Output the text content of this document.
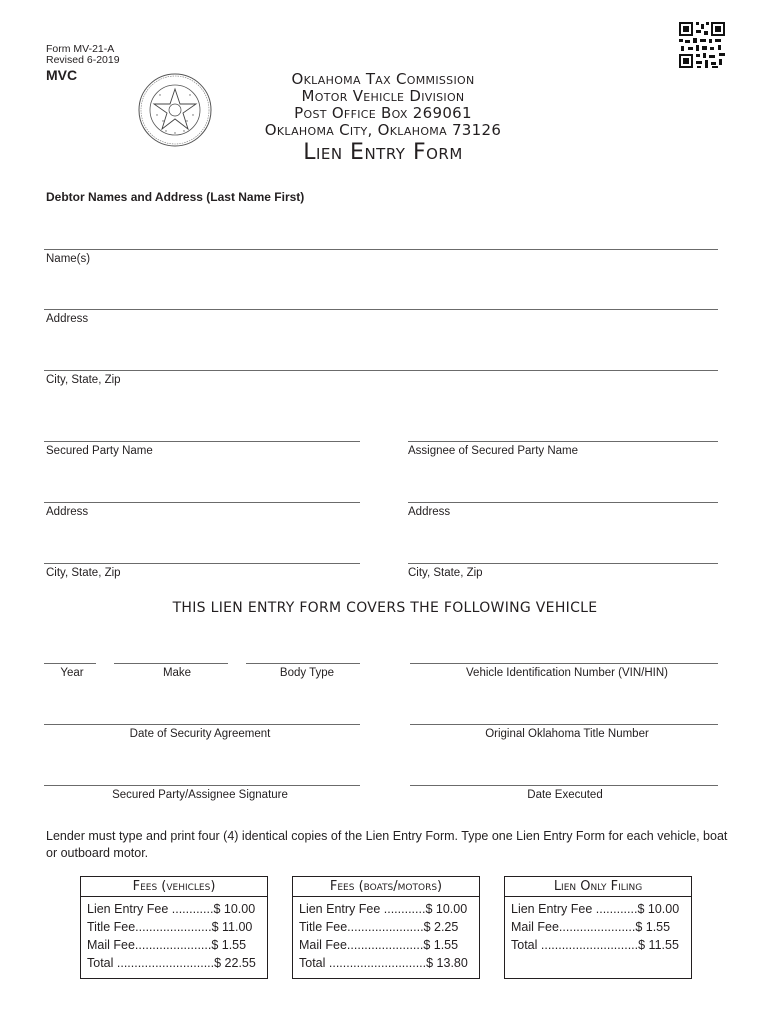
Form MV-21-A
Revised 6-2019
MVC	Oklahoma Tax Commission
Motor Vehicle Division
Post Office Box 269061
Oklahoma City, Oklahoma 73126
Lien Entry Form
Debtor Names and Address (Last Name First)
Name(s)
Address
City, State, Zip
Secured Party Name	Assignee of Secured Party Name
Address	Address
City, State, Zip	City, State, Zip
THIS LIEN ENTRY FORM COVERS THE FOLLOWING VEHICLE
Year	Make	Body Type	Vehicle Identification Number (VIN/HIN)
Date of Security Agreement	Original Oklahoma Title Number
Secured Party/Assignee Signature	Date Executed
Lender must type and print four (4) identical copies of the Lien Entry Form. Type one Lien Entry Form for each vehicle, boat or outboard motor.
Fees (vehicles)
Lien Entry Fee ............$ 10.00
Title Fee......................$ 11.00
Mail Fee......................$ 1.55
Total ............................$ 22.55
Fees (boats/motors)
Lien Entry Fee ............$ 10.00
Title Fee......................$ 2.25
Mail Fee......................$ 1.55
Total ............................$ 13.80
Lien Only Filing
Lien Entry Fee ............$ 10.00
Mail Fee......................$ 1.55
Total ............................$ 11.55
